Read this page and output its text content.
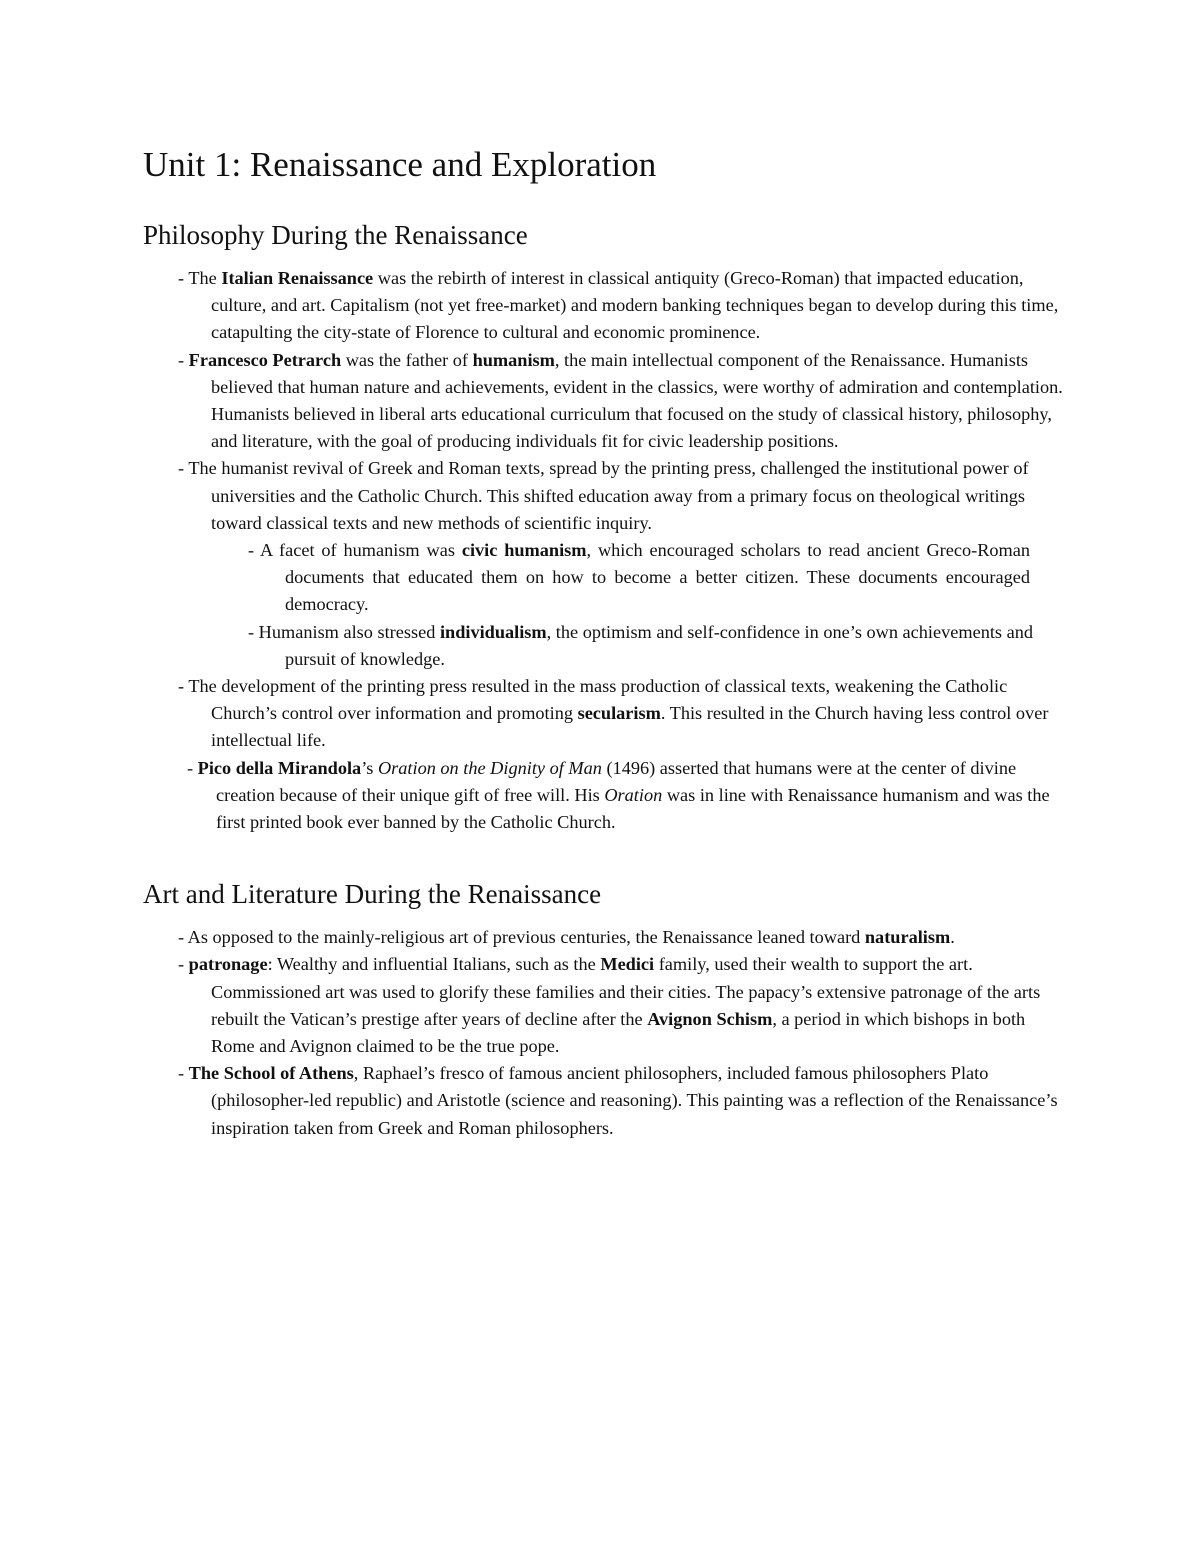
Unit 1: Renaissance and Exploration
Philosophy During the Renaissance
- The Italian Renaissance was the rebirth of interest in classical antiquity (Greco-Roman) that impacted education, culture, and art. Capitalism (not yet free-market) and modern banking techniques began to develop during this time, catapulting the city-state of Florence to cultural and economic prominence.
- Francesco Petrarch was the father of humanism, the main intellectual component of the Renaissance. Humanists believed that human nature and achievements, evident in the classics, were worthy of admiration and contemplation. Humanists believed in liberal arts educational curriculum that focused on the study of classical history, philosophy, and literature, with the goal of producing individuals fit for civic leadership positions.
- The humanist revival of Greek and Roman texts, spread by the printing press, challenged the institutional power of universities and the Catholic Church. This shifted education away from a primary focus on theological writings toward classical texts and new methods of scientific inquiry.
- A facet of humanism was civic humanism, which encouraged scholars to read ancient Greco-Roman documents that educated them on how to become a better citizen. These documents encouraged democracy.
- Humanism also stressed individualism, the optimism and self-confidence in one’s own achievements and pursuit of knowledge.
- The development of the printing press resulted in the mass production of classical texts, weakening the Catholic Church’s control over information and promoting secularism. This resulted in the Church having less control over intellectual life.
- Pico della Mirandola’s Oration on the Dignity of Man (1496) asserted that humans were at the center of divine creation because of their unique gift of free will. His Oration was in line with Renaissance humanism and was the first printed book ever banned by the Catholic Church.
Art and Literature During the Renaissance
- As opposed to the mainly-religious art of previous centuries, the Renaissance leaned toward naturalism.
- patronage: Wealthy and influential Italians, such as the Medici family, used their wealth to support the art. Commissioned art was used to glorify these families and their cities. The papacy’s extensive patronage of the arts rebuilt the Vatican’s prestige after years of decline after the Avignon Schism, a period in which bishops in both Rome and Avignon claimed to be the true pope.
- The School of Athens, Raphael’s fresco of famous ancient philosophers, included famous philosophers Plato (philosopher-led republic) and Aristotle (science and reasoning). This painting was a reflection of the Renaissance’s inspiration taken from Greek and Roman philosophers.
